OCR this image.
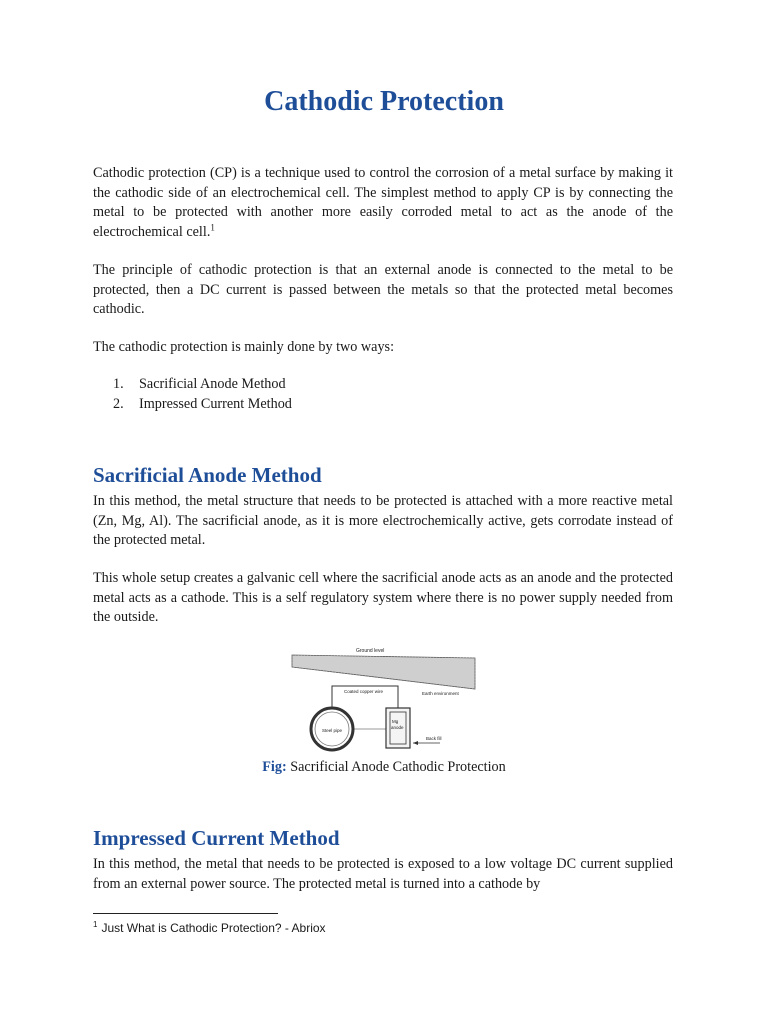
Cathodic Protection

Cathodic protection (CP) is a technique used to control the corrosion of a metal surface by making it the cathodic side of an electrochemical cell. The simplest method to apply CP is by connecting the metal to be protected with another more easily corroded metal to act as the anode of the electrochemical cell.$^1$

The principle of cathodic protection is that an external anode is connected to the metal to be protected, then a DC current is passed between the metals so that the protected metal becomes cathodic.

The cathodic protection is mainly done by two ways:

1.	Sacrificial Anode Method
2.	Impressed Current Method
Sacrificial Anode Method

In this method, the metal structure that needs to be protected is attached with a more reactive metal (Zn, Mg, Al). The sacrificial anode, as it is more electrochemically active, gets corrodate instead of the protected metal.

This whole setup creates a galvanic cell where the sacrificial anode acts as an anode and the protected metal acts as a cathode. This is a self regulatory system where there is no power supply needed from the outside.

Ground level
Coated copper wire	Earth environment
Steel pipe
Mg
anode
Back fill
Fig: Sacrificial Anode Cathodic Protection
Impressed Current Method

In this method, the metal that needs to be protected is exposed to a low voltage DC current supplied from an external power source. The protected metal is turned into a cathode by

$^1$ Just What is Cathodic Protection? - Abriox
